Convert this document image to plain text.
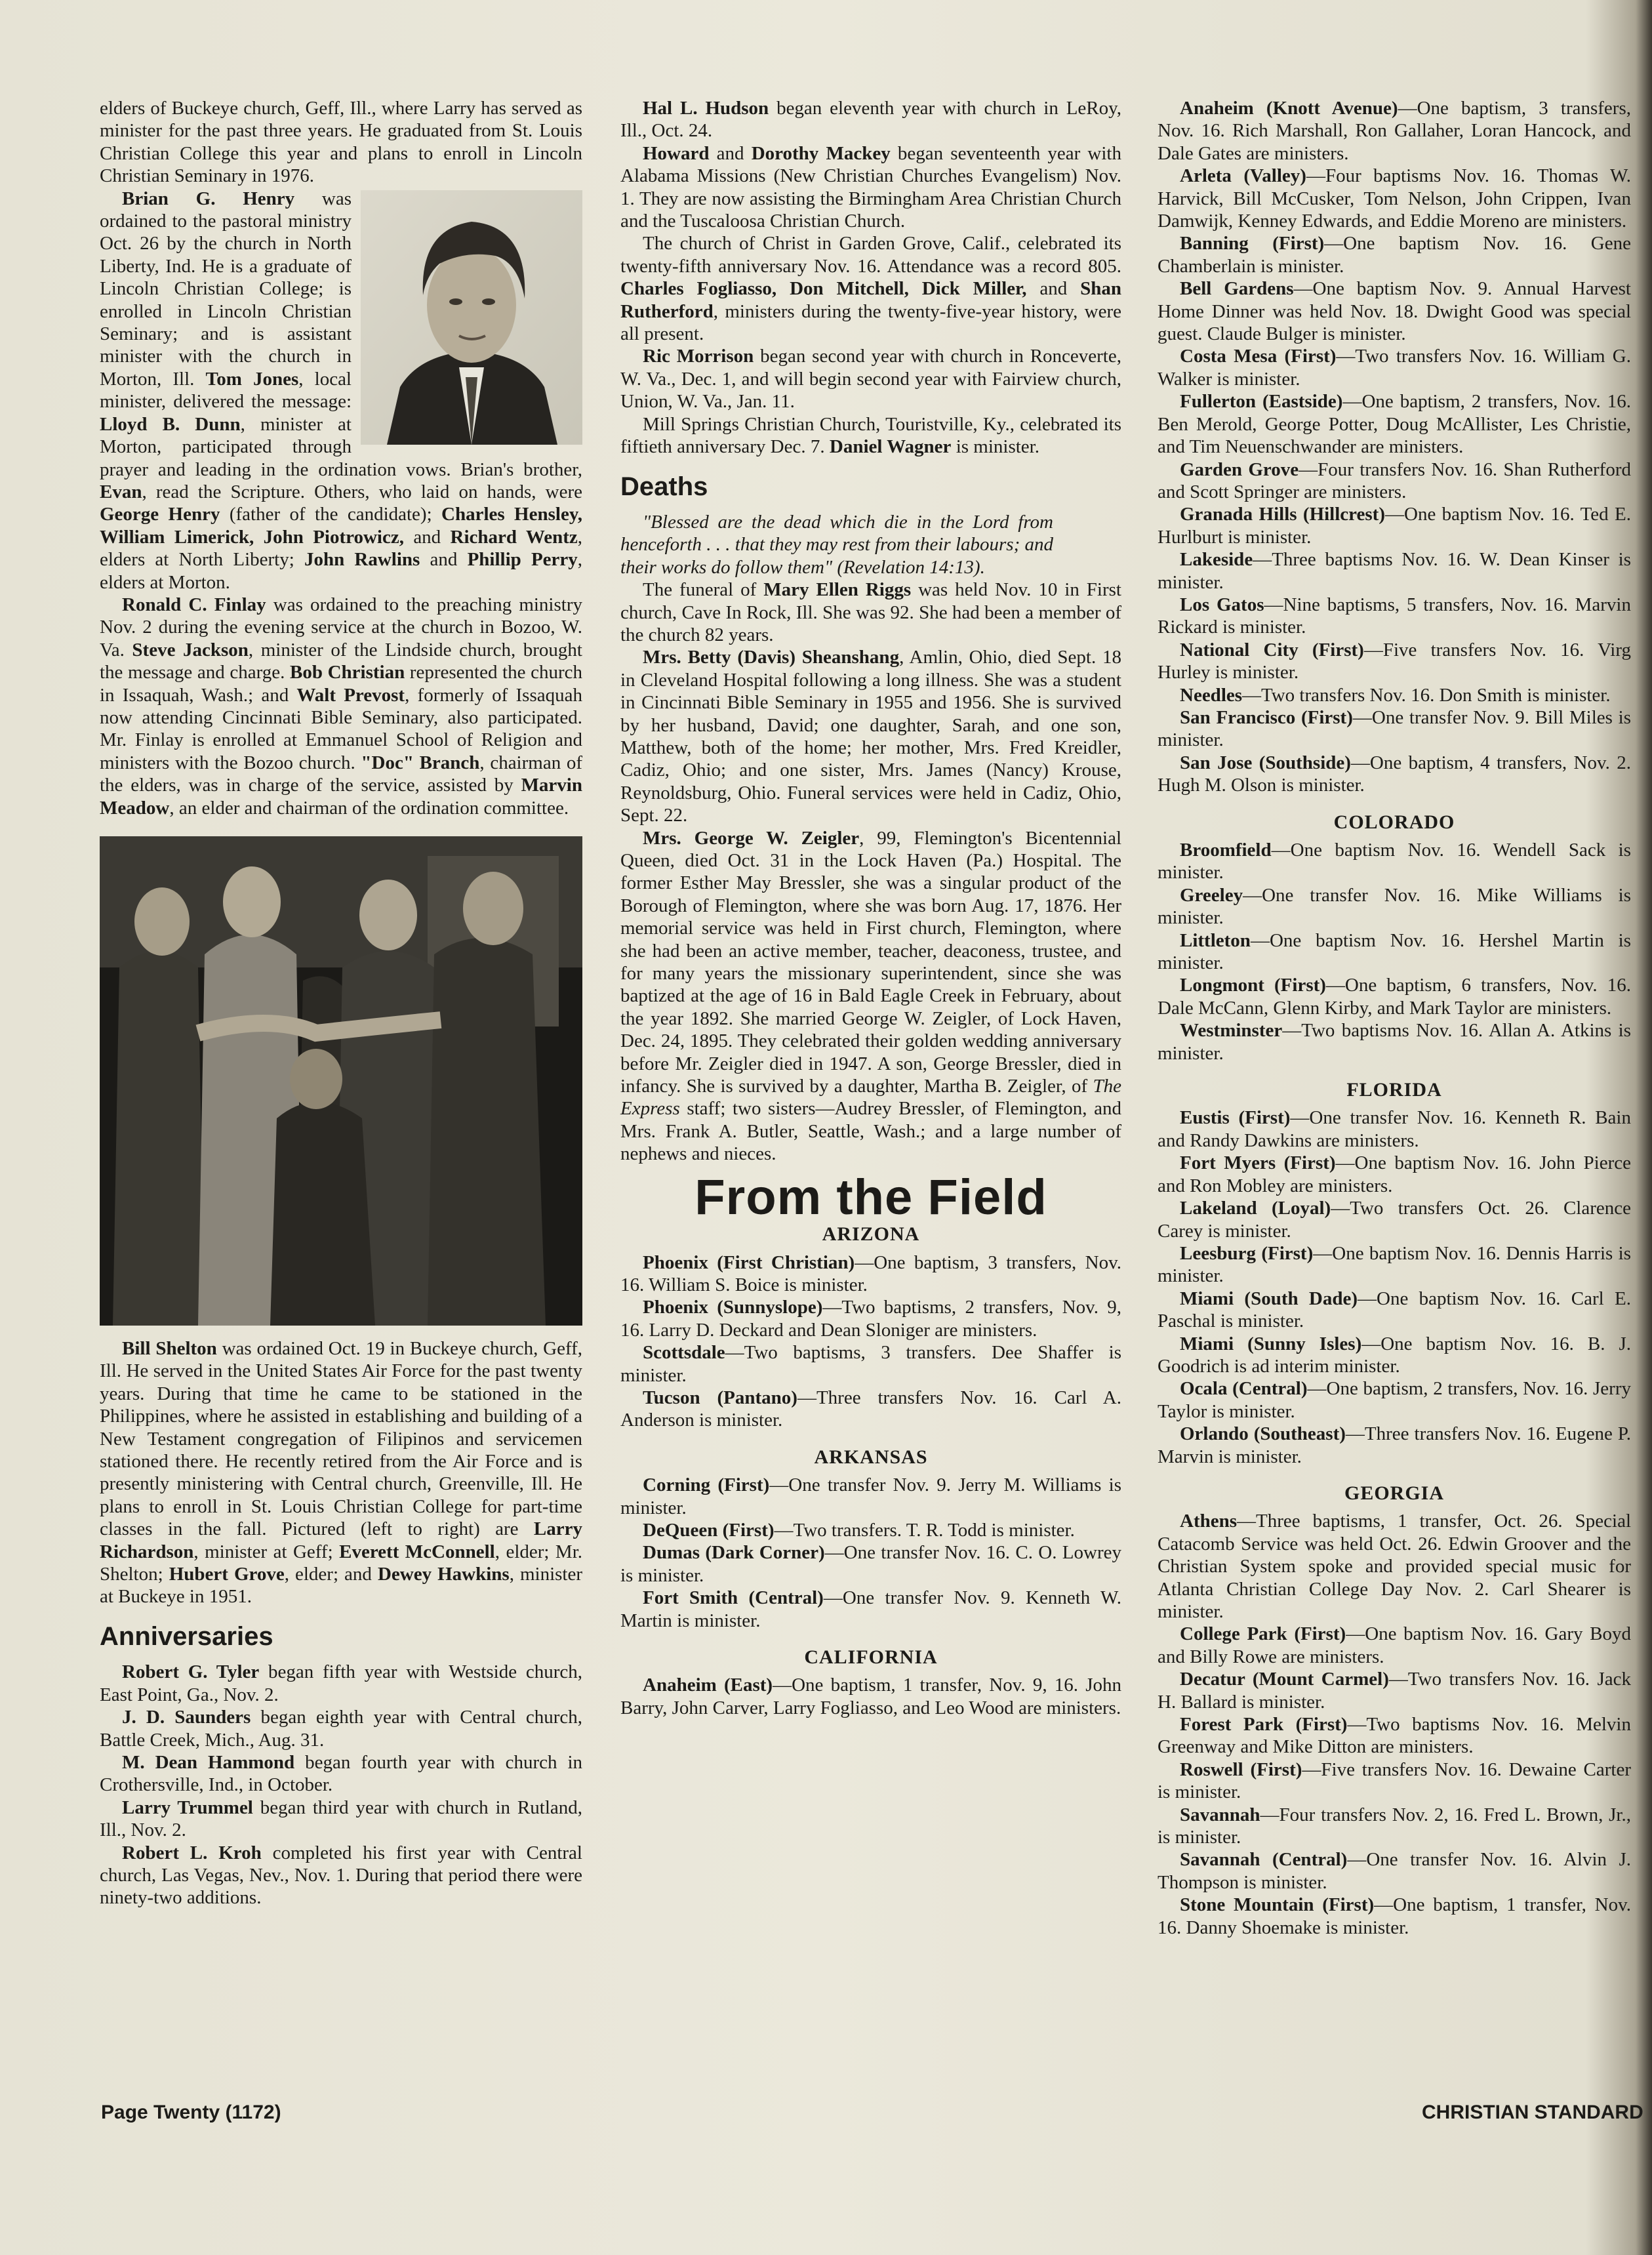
elders of Buckeye church, Geff, Ill., where Larry has served as minister for the past three years. He graduated from St. Louis Christian College this year and plans to enroll in Lincoln Christian Seminary in 1976.

Brian G. Henry was ordained to the pastoral ministry Oct. 26 by the church in North Liberty, Ind. He is a graduate of Lincoln Christian College; is enrolled in Lincoln Christian Seminary; and is assistant minister with the church in Morton, Ill. Tom Jones, local minister, delivered the message: Lloyd B. Dunn, minister at Morton, participated through prayer and leading in the ordination vows. Brian's brother, Evan, read the Scripture. Others, who laid on hands, were George Henry (father of the candidate); Charles Hensley, William Limerick, John Piotrowicz, and Richard Wentz, elders at North Liberty; John Rawlins and Phillip Perry, elders at Morton.

Ronald C. Finlay was ordained to the preaching ministry Nov. 2 during the evening service at the church in Bozoo, W. Va. Steve Jackson, minister of the Lindside church, brought the message and charge. Bob Christian represented the church in Issaquah, Wash.; and Walt Prevost, formerly of Issaquah now attending Cincinnati Bible Seminary, also participated. Mr. Finlay is enrolled at Emmanuel School of Religion and ministers with the Bozoo church. "Doc" Branch, chairman of the elders, was in charge of the service, assisted by Marvin Meadow, an elder and chairman of the ordination committee.

Bill Shelton was ordained Oct. 19 in Buckeye church, Geff, Ill. He served in the United States Air Force for the past twenty years. During that time he came to be stationed in the Philippines, where he assisted in establishing and building of a New Testament congregation of Filipinos and servicemen stationed there. He recently retired from the Air Force and is presently ministering with Central church, Greenville, Ill. He plans to enroll in St. Louis Christian College for part-time classes in the fall. Pictured (left to right) are Larry Richardson, minister at Geff; Everett McConnell, elder; Mr. Shelton; Hubert Grove, elder; and Dewey Hawkins, minister at Buckeye in 1951.

Anniversaries

Robert G. Tyler began fifth year with Westside church, East Point, Ga., Nov. 2.

J. D. Saunders began eighth year with Central church, Battle Creek, Mich., Aug. 31.

M. Dean Hammond began fourth year with church in Crothersville, Ind., in October.

Larry Trummel began third year with church in Rutland, Ill., Nov. 2.

Robert L. Kroh completed his first year with Central church, Las Vegas, Nev., Nov. 1. During that period there were ninety-two additions.

Hal L. Hudson began eleventh year with church in LeRoy, Ill., Oct. 24.

Howard and Dorothy Mackey began seventeenth year with Alabama Missions (New Christian Churches Evangelism) Nov. 1. They are now assisting the Birmingham Area Christian Church and the Tuscaloosa Christian Church.

The church of Christ in Garden Grove, Calif., celebrated its twenty-fifth anniversary Nov. 16. Attendance was a record 805. Charles Fogliasso, Don Mitchell, Dick Miller, and Shan Rutherford, ministers during the twenty-five-year history, were all present.

Ric Morrison began second year with church in Ronceverte, W. Va., Dec. 1, and will begin second year with Fairview church, Union, W. Va., Jan. 11.

Mill Springs Christian Church, Touristville, Ky., celebrated its fiftieth anniversary Dec. 7. Daniel Wagner is minister.

Deaths

"Blessed are the dead which die in the Lord from henceforth . . . that they may rest from their labours; and their works do follow them" (Revelation 14:13).

The funeral of Mary Ellen Riggs was held Nov. 10 in First church, Cave In Rock, Ill. She was 92. She had been a member of the church 82 years.

Mrs. Betty (Davis) Sheanshang, Amlin, Ohio, died Sept. 18 in Cleveland Hospital following a long illness. She was a student in Cincinnati Bible Seminary in 1955 and 1956. She is survived by her husband, David; one daughter, Sarah, and one son, Matthew, both of the home; her mother, Mrs. Fred Kreidler, Cadiz, Ohio; and one sister, Mrs. James (Nancy) Krouse, Reynoldsburg, Ohio. Funeral services were held in Cadiz, Ohio, Sept. 22.

Mrs. George W. Zeigler, 99, Flemington's Bicentennial Queen, died Oct. 31 in the Lock Haven (Pa.) Hospital. The former Esther May Bressler, she was a singular product of the Borough of Flemington, where she was born Aug. 17, 1876. Her memorial service was held in First church, Flemington, where she had been an active member, teacher, deaconess, trustee, and for many years the missionary superintendent, since she was baptized at the age of 16 in Bald Eagle Creek in February, about the year 1892. She married George W. Zeigler, of Lock Haven, Dec. 24, 1895. They celebrated their golden wedding anniversary before Mr. Zeigler died in 1947. A son, George Bressler, died in infancy. She is survived by a daughter, Martha B. Zeigler, of The Express staff; two sisters—Audrey Bressler, of Flemington, and Mrs. Frank A. Butler, Seattle, Wash.; and a large number of nephews and nieces.

From the Field
ARIZONA

Phoenix (First Christian)—One baptism, 3 transfers, Nov. 16. William S. Boice is minister.

Phoenix (Sunnyslope)—Two baptisms, 2 transfers, Nov. 9, 16. Larry D. Deckard and Dean Sloniger are ministers.

Scottsdale—Two baptisms, 3 transfers. Dee Shaffer is minister.

Tucson (Pantano)—Three transfers Nov. 16. Carl A. Anderson is minister.

ARKANSAS

Corning (First)—One transfer Nov. 9. Jerry M. Williams is minister.

DeQueen (First)—Two transfers. T. R. Todd is minister.

Dumas (Dark Corner)—One transfer Nov. 16. C. O. Lowrey is minister.

Fort Smith (Central)—One transfer Nov. 9. Kenneth W. Martin is minister.

CALIFORNIA

Anaheim (East)—One baptism, 1 transfer, Nov. 9, 16. John Barry, John Carver, Larry Fogliasso, and Leo Wood are ministers.

Anaheim (Knott Avenue)—One baptism, 3 transfers, Nov. 16. Rich Marshall, Ron Gallaher, Loran Hancock, and Dale Gates are ministers.

Arleta (Valley)—Four baptisms Nov. 16. Thomas W. Harvick, Bill McCusker, Tom Nelson, John Crippen, Ivan Damwijk, Kenney Edwards, and Eddie Moreno are ministers.

Banning (First)—One baptism Nov. 16. Gene Chamberlain is minister.

Bell Gardens—One baptism Nov. 9. Annual Harvest Home Dinner was held Nov. 18. Dwight Good was special guest. Claude Bulger is minister.

Costa Mesa (First)—Two transfers Nov. 16. William G. Walker is minister.

Fullerton (Eastside)—One baptism, 2 transfers, Nov. 16. Ben Merold, George Potter, Doug McAllister, Les Christie, and Tim Neuenschwander are ministers.

Garden Grove—Four transfers Nov. 16. Shan Rutherford and Scott Springer are ministers.

Granada Hills (Hillcrest)—One baptism Nov. 16. Ted E. Hurlburt is minister.

Lakeside—Three baptisms Nov. 16. W. Dean Kinser is minister.

Los Gatos—Nine baptisms, 5 transfers, Nov. 16. Marvin Rickard is minister.

National City (First)—Five transfers Nov. 16. Virg Hurley is minister.

Needles—Two transfers Nov. 16. Don Smith is minister.

San Francisco (First)—One transfer Nov. 9. Bill Miles is minister.

San Jose (Southside)—One baptism, 4 transfers, Nov. 2. Hugh M. Olson is minister.

COLORADO

Broomfield—One baptism Nov. 16. Wendell Sack is minister.

Greeley—One transfer Nov. 16. Mike Williams is minister.

Littleton—One baptism Nov. 16. Hershel Martin is minister.

Longmont (First)—One baptism, 6 transfers, Nov. 16. Dale McCann, Glenn Kirby, and Mark Taylor are ministers.

Westminster—Two baptisms Nov. 16. Allan A. Atkins is minister.

FLORIDA

Eustis (First)—One transfer Nov. 16. Kenneth R. Bain and Randy Dawkins are ministers.

Fort Myers (First)—One baptism Nov. 16. John Pierce and Ron Mobley are ministers.

Lakeland (Loyal)—Two transfers Oct. 26. Clarence Carey is minister.

Leesburg (First)—One baptism Nov. 16. Dennis Harris is minister.

Miami (South Dade)—One baptism Nov. 16. Carl E. Paschal is minister.

Miami (Sunny Isles)—One baptism Nov. 16. B. J. Goodrich is ad interim minister.

Ocala (Central)—One baptism, 2 transfers, Nov. 16. Jerry Taylor is minister.

Orlando (Southeast)—Three transfers Nov. 16. Eugene P. Marvin is minister.

GEORGIA

Athens—Three baptisms, 1 transfer, Oct. 26. Special Catacomb Service was held Oct. 26. Edwin Groover and the Christian System spoke and provided special music for Atlanta Christian College Day Nov. 2. Carl Shearer is minister.

College Park (First)—One baptism Nov. 16. Gary Boyd and Billy Rowe are ministers.

Decatur (Mount Carmel)—Two transfers Nov. 16. Jack H. Ballard is minister.

Forest Park (First)—Two baptisms Nov. 16. Melvin Greenway and Mike Ditton are ministers.

Roswell (First)—Five transfers Nov. 16. Dewaine Carter is minister.

Savannah—Four transfers Nov. 2, 16. Fred L. Brown, Jr., is minister.

Savannah (Central)—One transfer Nov. 16. Alvin J. Thompson is minister.

Stone Mountain (First)—One baptism, 1 transfer, Nov. 16. Danny Shoemake is minister.

Page Twenty (1172)	CHRISTIAN STANDARD
